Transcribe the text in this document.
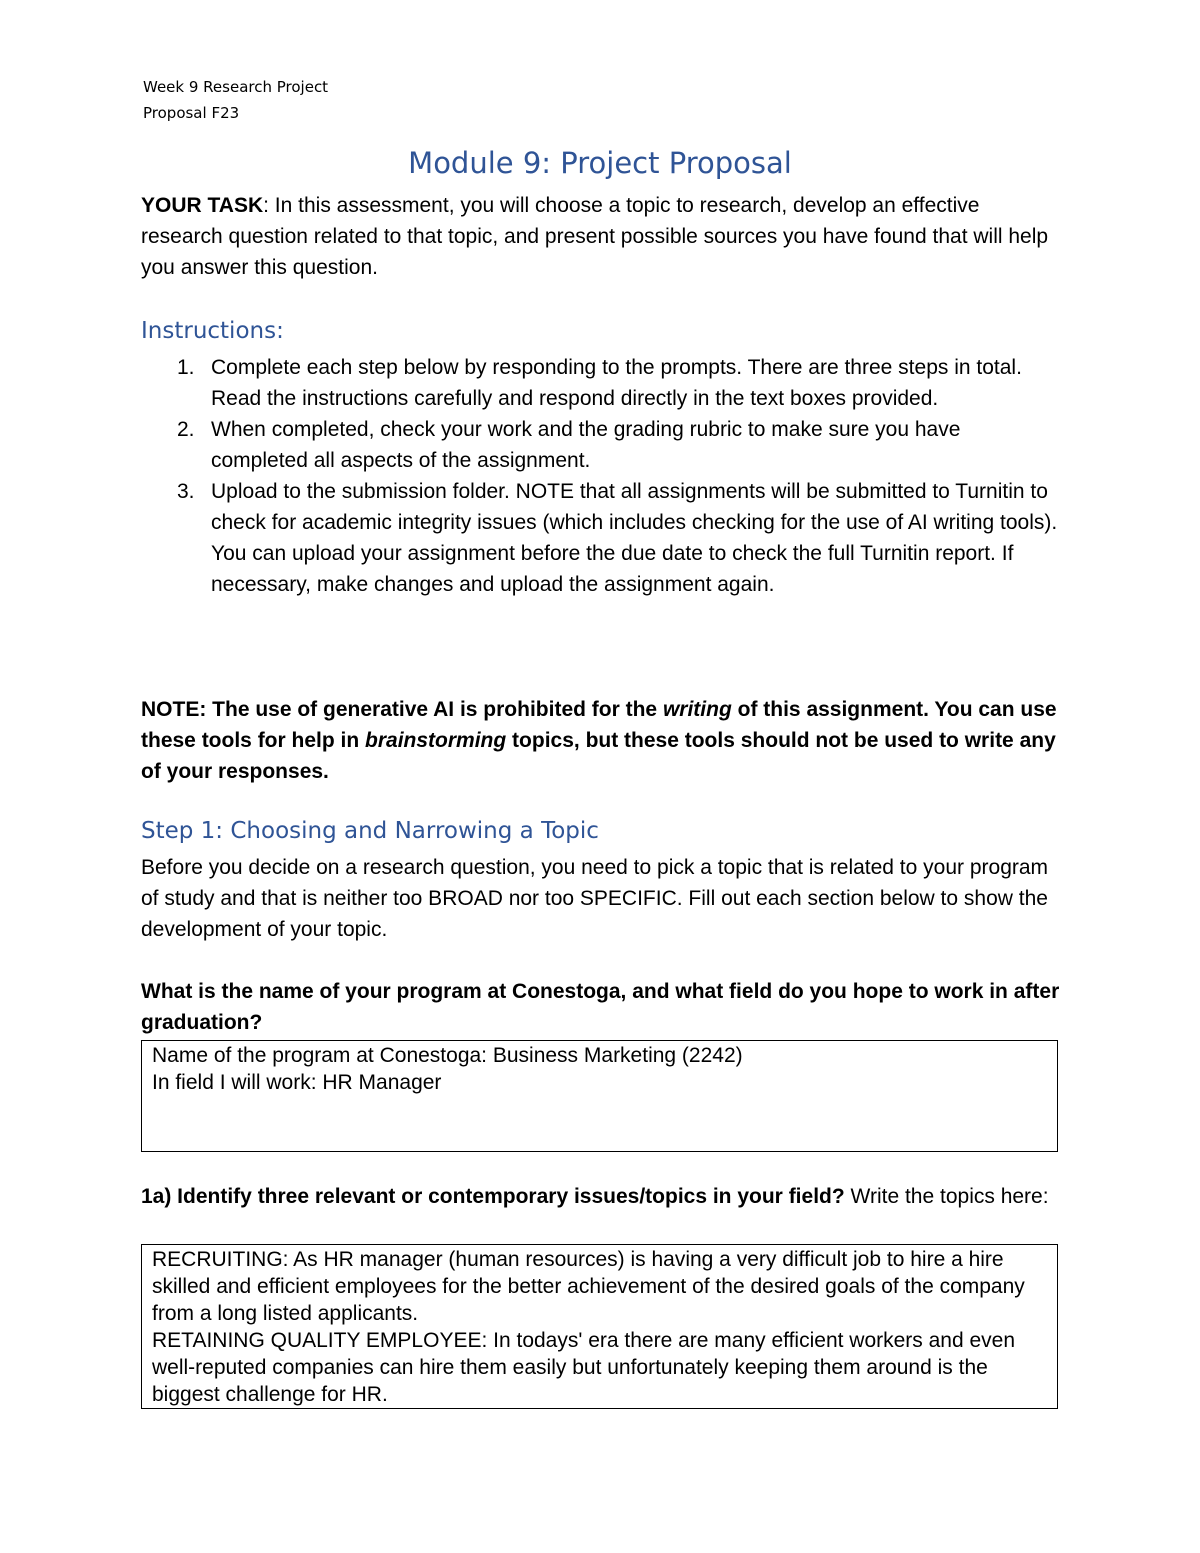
Week 9 Research Project
Proposal F23
Module 9: Project Proposal
YOUR TASK: In this assessment, you will choose a topic to research, develop an effective research question related to that topic, and present possible sources you have found that will help you answer this question.
Instructions:
1. Complete each step below by responding to the prompts. There are three steps in total. Read the instructions carefully and respond directly in the text boxes provided.
2. When completed, check your work and the grading rubric to make sure you have completed all aspects of the assignment.
3. Upload to the submission folder. NOTE that all assignments will be submitted to Turnitin to check for academic integrity issues (which includes checking for the use of AI writing tools). You can upload your assignment before the due date to check the full Turnitin report. If necessary, make changes and upload the assignment again.
NOTE: The use of generative AI is prohibited for the writing of this assignment. You can use these tools for help in brainstorming topics, but these tools should not be used to write any of your responses.
Step 1: Choosing and Narrowing a Topic
Before you decide on a research question, you need to pick a topic that is related to your program of study and that is neither too BROAD nor too SPECIFIC. Fill out each section below to show the development of your topic.
What is the name of your program at Conestoga, and what field do you hope to work in after graduation?
Name of the program at Conestoga: Business Marketing (2242)
In field I will work: HR Manager
1a) Identify three relevant or contemporary issues/topics in your field? Write the topics here:
RECRUITING: As HR manager (human resources) is having a very difficult job to hire a hire skilled and efficient employees for the better achievement of the desired goals of the company from a long listed applicants.
RETAINING QUALITY EMPLOYEE: In todays' era there are many efficient workers and even well-reputed companies can hire them easily but unfortunately keeping them around is the biggest challenge for HR.
